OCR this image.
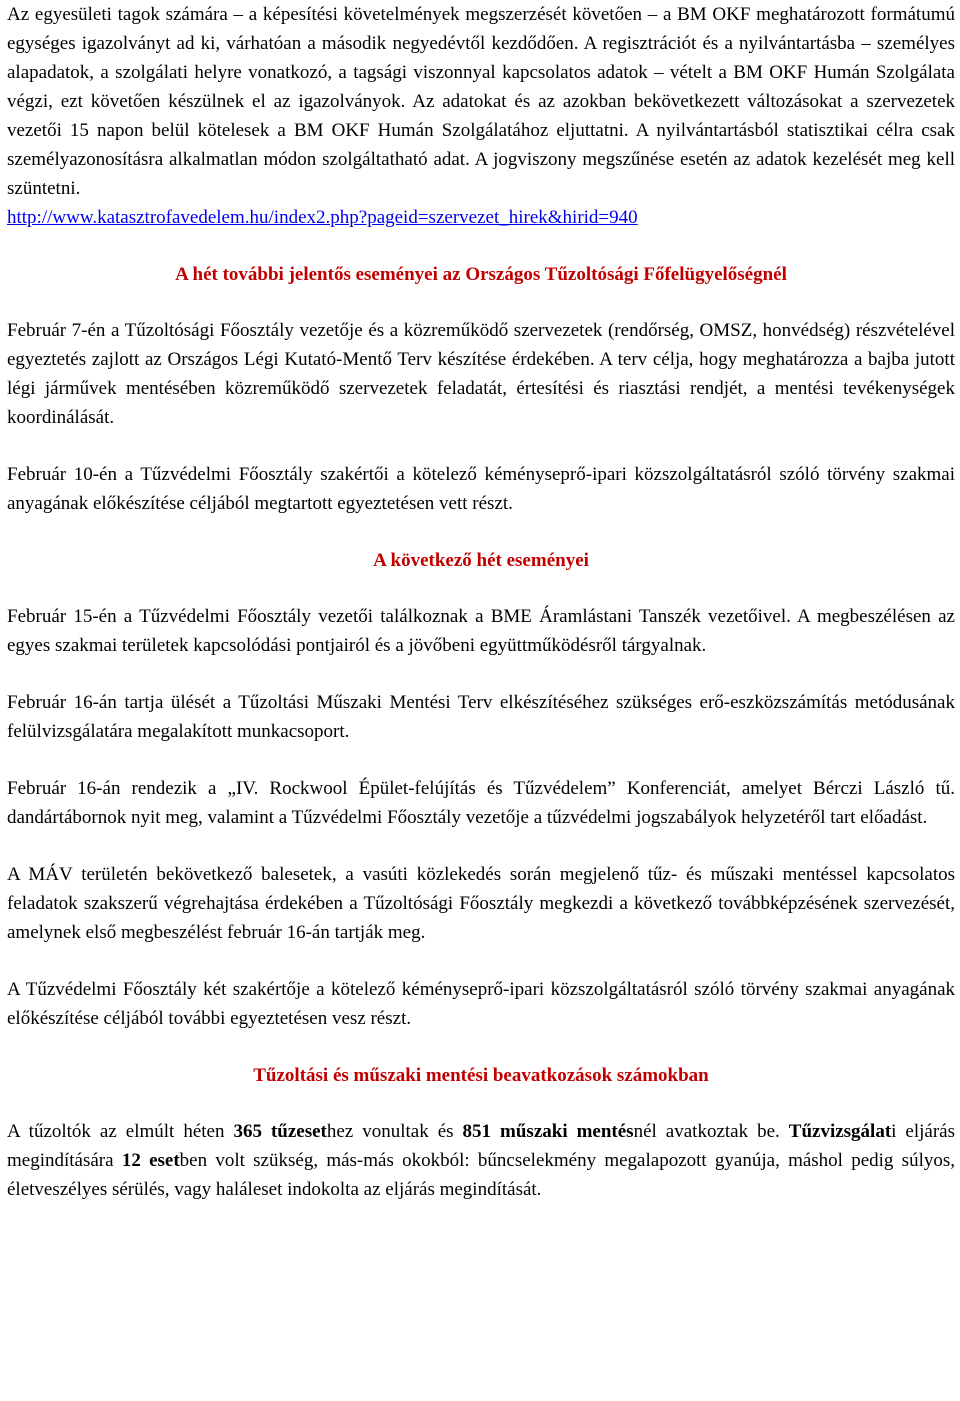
Az egyesületi tagok számára – a képesítési követelmények megszerzését követően – a BM OKF meghatározott formátumú egységes igazolványt ad ki, várhatóan a második negyedévtől kezdődően. A regisztrációt és a nyilvántartásba – személyes alapadatok, a szolgálati helyre vonatkozó, a tagsági viszonnyal kapcsolatos adatok – vételt a BM OKF Humán Szolgálata végzi, ezt követően készülnek el az igazolványok. Az adatokat és az azokban bekövetkezett változásokat a szervezetek vezetői 15 napon belül kötelesek a BM OKF Humán Szolgálatához eljuttatni. A nyilvántartásból statisztikai célra csak személyazonosításra alkalmatlan módon szolgáltatható adat. A jogviszony megszűnése esetén az adatok kezelését meg kell szüntetni.
http://www.katasztrofavedelem.hu/index2.php?pageid=szervezet_hirek&hirid=940

A hét további jelentős eseményei az Országos Tűzoltósági Főfelügyelőségnél

Február 7-én a Tűzoltósági Főosztály vezetője és a közreműködő szervezetek (rendőrség, OMSZ, honvédség) részvételével egyeztetés zajlott az Országos Légi Kutató-Mentő Terv készítése érdekében. A terv célja, hogy meghatározza a bajba jutott légi járművek mentésében közreműködő szervezetek feladatát, értesítési és riasztási rendjét, a mentési tevékenységek koordinálását.

Február 10-én a Tűzvédelmi Főosztály szakértői a kötelező kéményseprő-ipari közszolgáltatásról szóló törvény szakmai anyagának előkészítése céljából megtartott egyeztetésen vett részt.

A következő hét eseményei

Február 15-én a Tűzvédelmi Főosztály vezetői találkoznak a BME Áramlástani Tanszék vezetőivel. A megbeszélésen az egyes szakmai területek kapcsolódási pontjairól és a jövőbeni együttműködésről tárgyalnak.

Február 16-án tartja ülését a Tűzoltási Műszaki Mentési Terv elkészítéséhez szükséges erő-eszközszámítás metódusának felülvizsgálatára megalakított munkacsoport.

Február 16-án rendezik a „IV. Rockwool Épület-felújítás és Tűzvédelem” Konferenciát, amelyet Bérczi László tű. dandártábornok nyit meg, valamint a Tűzvédelmi Főosztály vezetője a tűzvédelmi jogszabályok helyzetéről tart előadást.

A MÁV területén bekövetkező balesetek, a vasúti közlekedés során megjelenő tűz- és műszaki mentéssel kapcsolatos feladatok szakszerű végrehajtása érdekében a Tűzoltósági Főosztály megkezdi a következő továbbképzésének szervezését, amelynek első megbeszélést február 16-án tartják meg.

A Tűzvédelmi Főosztály két szakértője a kötelező kéményseprő-ipari közszolgáltatásról szóló törvény szakmai anyagának előkészítése céljából további egyeztetésen vesz részt.

Tűzoltási és műszaki mentési beavatkozások számokban

A tűzoltók az elmúlt héten 365 tűzesethez vonultak és 851 műszaki mentésnél avatkoztak be. Tűzvizsgálati eljárás megindítására 12 esetben volt szükség, más-más okokból: bűncselekmény megalapozott gyanúja, máshol pedig súlyos, életveszélyes sérülés, vagy haláleset indokolta az eljárás megindítását.
